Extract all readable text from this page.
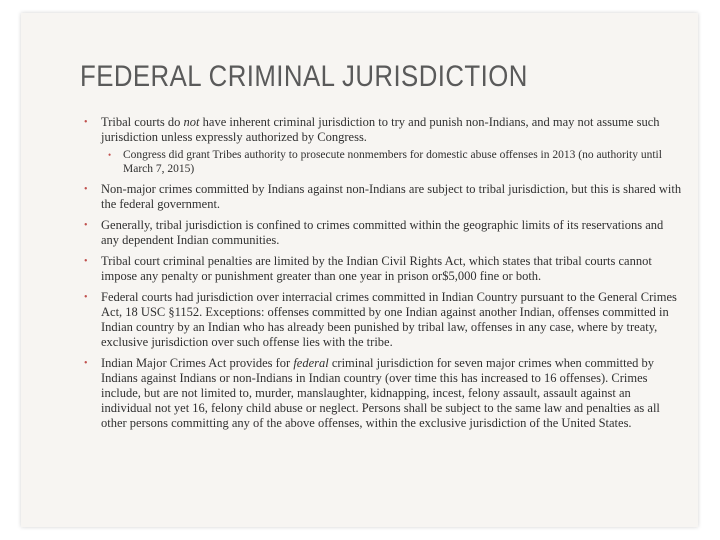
FEDERAL CRIMINAL JURISDICTION
• Tribal courts do not have inherent criminal jurisdiction to try and punish non-Indians, and may not assume such jurisdiction unless expressly authorized by Congress.
• Congress did grant Tribes authority to prosecute nonmembers for domestic abuse offenses in 2013 (no authority until March 7, 2015)
• Non-major crimes committed by Indians against non-Indians are subject to tribal jurisdiction, but this is shared with the federal government.
• Generally, tribal jurisdiction is confined to crimes committed within the geographic limits of its reservations and any dependent Indian communities.
• Tribal court criminal penalties are limited by the Indian Civil Rights Act, which states that tribal courts cannot impose any penalty or punishment greater than one year in prison or$5,000 fine or both.
• Federal courts had jurisdiction over interracial crimes committed in Indian Country pursuant to the General Crimes Act, 18 USC §1152. Exceptions: offenses committed by one Indian against another Indian, offenses committed in Indian country by an Indian who has already been punished by tribal law, offenses in any case, where by treaty, exclusive jurisdiction over such offense lies with the tribe.
• Indian Major Crimes Act provides for federal criminal jurisdiction for seven major crimes when committed by Indians against Indians or non-Indians in Indian country (over time this has increased to 16 offenses). Crimes include, but are not limited to, murder, manslaughter, kidnapping, incest, felony assault, assault against an individual not yet 16, felony child abuse or neglect. Persons shall be subject to the same law and penalties as all other persons committing any of the above offenses, within the exclusive jurisdiction of the United States.
